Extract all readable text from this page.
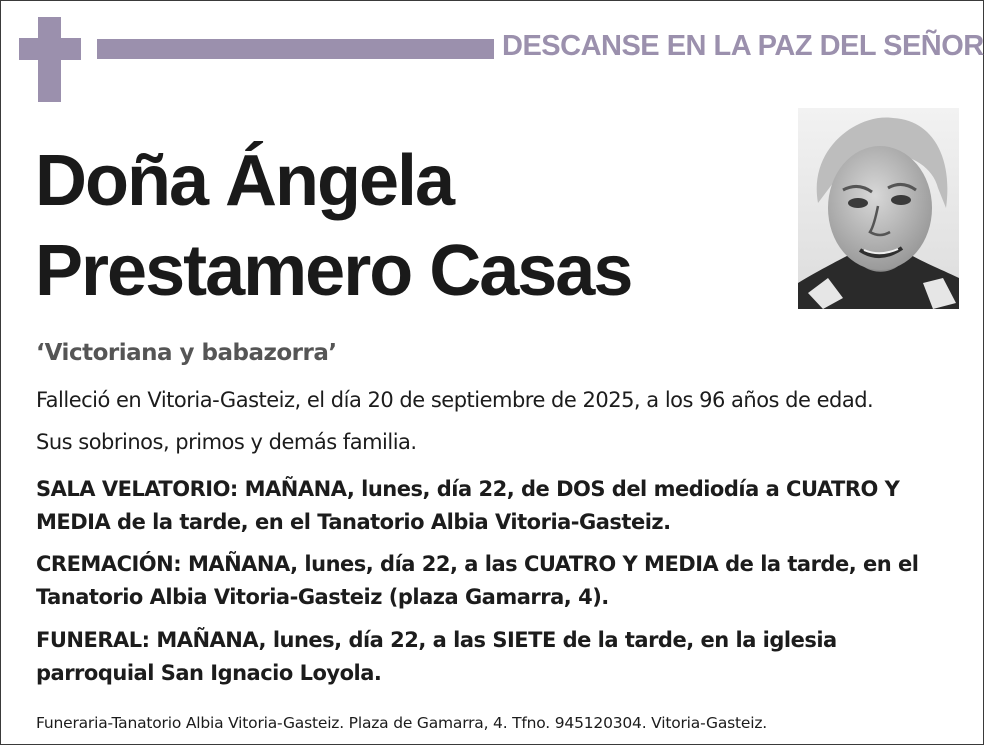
DESCANSE EN LA PAZ DEL SEÑOR
Doña Ángela
Prestamero Casas
‘Victoriana y babazorra’
Falleció en Vitoria-Gasteiz, el día 20 de septiembre de 2025, a los 96 años de edad.
Sus sobrinos, primos y demás familia.
SALA VELATORIO: MAÑANA, lunes, día 22, de DOS del mediodía a CUATRO Y
MEDIA de la tarde, en el Tanatorio Albia Vitoria-Gasteiz.
CREMACIÓN: MAÑANA, lunes, día 22, a las CUATRO Y MEDIA de la tarde, en el
Tanatorio Albia Vitoria-Gasteiz (plaza Gamarra, 4).
FUNERAL: MAÑANA, lunes, día 22, a las SIETE de la tarde, en la iglesia
parroquial San Ignacio Loyola.
Funeraria-Tanatorio Albia Vitoria-Gasteiz. Plaza de Gamarra, 4. Tfno. 945120304. Vitoria-Gasteiz.
